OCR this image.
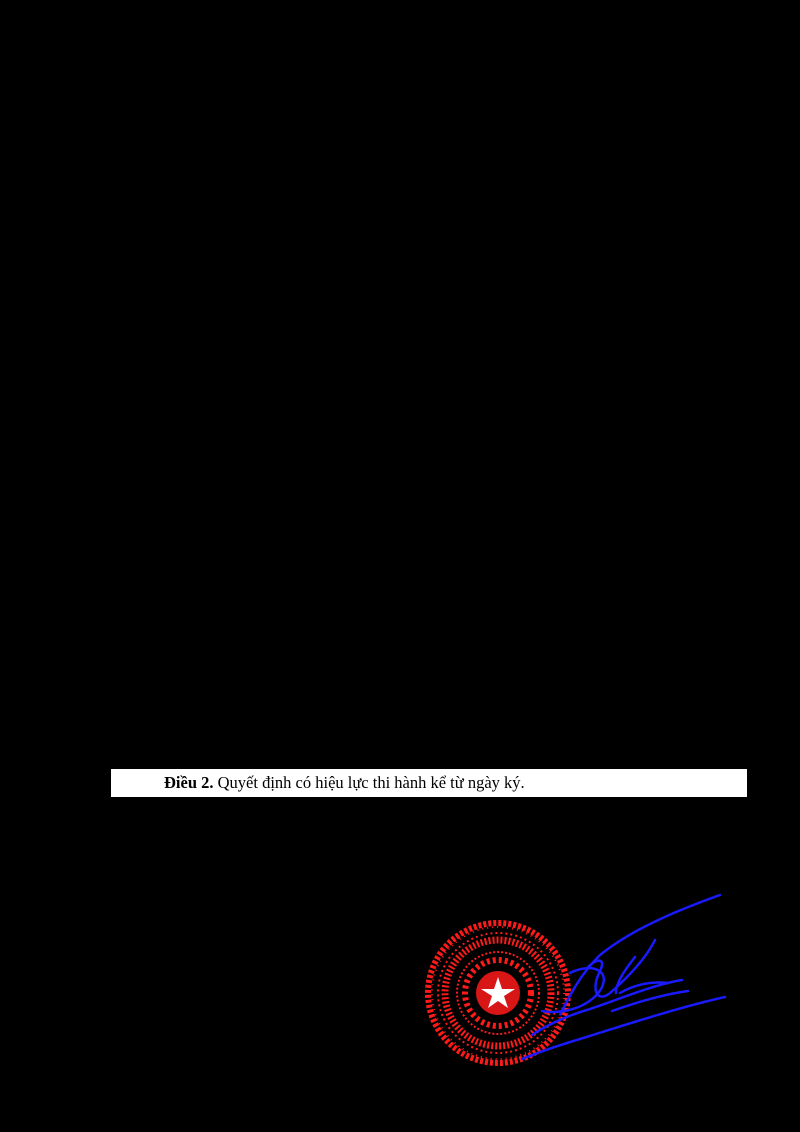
Điều 2. Quyết định có hiệu lực thi hành kể từ ngày ký.
